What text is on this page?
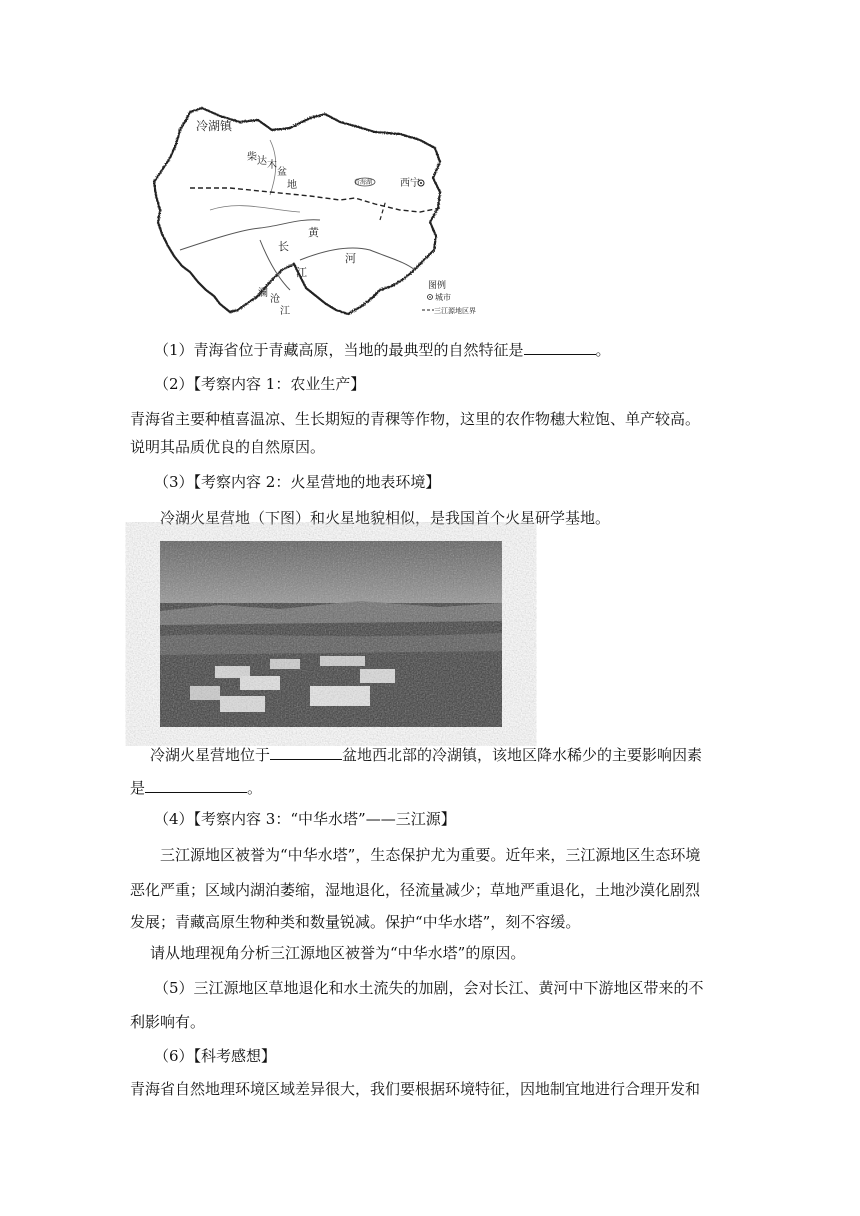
冷湖镇
柴 达 木
盆
地	青海湖	西宁
黄
河
长
江
澜
沧
江
图例
城市
三江源地区界
（1）青海省位于青藏高原，当地的最典型的自然特征是	。
（2）【考察内容 1：农业生产】
青海省主要种植喜温凉、生长期短的青稞等作物，这里的农作物穗大粒饱、单产较高。
说明其品质优良的自然原因。
（3）【考察内容 2：火星营地的地表环境】
冷湖火星营地（下图）和火星地貌相似，是我国首个火星研学基地。
冷湖火星营地位于	盆地西北部的冷湖镇，该地区降水稀少的主要影响因素
是	。
（4）【考察内容 3：“中华水塔”——三江源】
三江源地区被誉为“中华水塔”，生态保护尤为重要。近年来，三江源地区生态环境
恶化严重；区域内湖泊萎缩，湿地退化，径流量减少；草地严重退化，土地沙漠化剧烈
发展；青藏高原生物种类和数量锐减。保护“中华水塔”，刻不容缓。
请从地理视角分析三江源地区被誉为“中华水塔”的原因。
（5）三江源地区草地退化和水土流失的加剧，会对长江、黄河中下游地区带来的不
利影响有。
（6）【科考感想】
青海省自然地理环境区域差异很大，我们要根据环境特征，因地制宜地进行合理开发和
